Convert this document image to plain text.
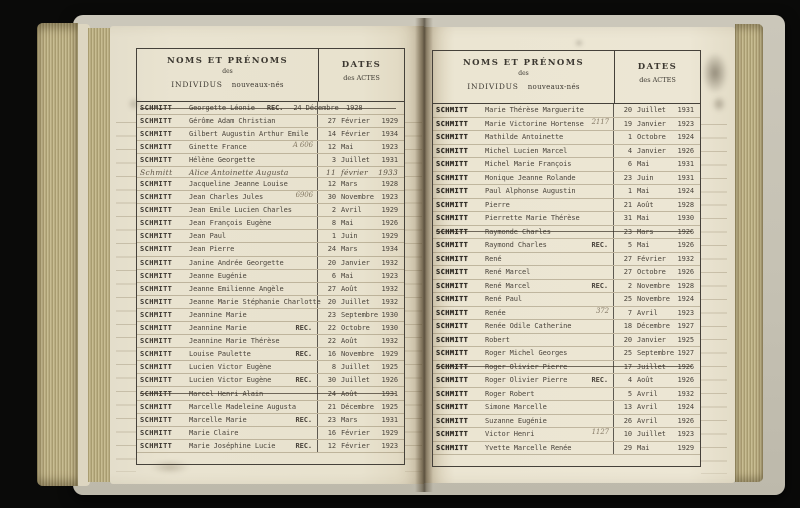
NOMS ET PRÉNOMS
des
INDIVIDUS nouveaux-nés
DATES
des ACTES
SCHMITT	Georgette Léonie REC. 24 Décembre 1928
SCHMITT	Gérôme Adam Christian	27 Février 1929
SCHMITT	Gilbert Augustin Arthur Emile	14 Février 1934
SCHMITT	Ginette France	A 606	12 Mai	1923
SCHMITT	Hélène Georgette	3 Juillet 1931
Schmitt	Alice Antoinette Augusta	11 février 1933
SCHMITT	Jacqueline Jeanne Louise	12 Mars	1928
SCHMITT	Jean Charles Jules	6906	30 Novembre 1923
SCHMITT	Jean Emile Lucien Charles	2 Avril	1929
SCHMITT	Jean François Eugène	8 Mai	1926
SCHMITT	Jean Paul	1 Juin	1929
SCHMITT	Jean Pierre	24 Mars	1934
SCHMITT	Janine Andrée Georgette	20 Janvier 1932
SCHMITT	Jeanne Eugénie	6 Mai	1923
SCHMITT	Jeanne Emilienne Angèle	27 Août	1932
SCHMITT	Jeanne Marie Stéphanie Charlotte	20 Juillet 1932
SCHMITT	Jeannine Marie	23 Septembre 1930
SCHMITT	Jeannine Marie	REC.	22 Octobre 1930
SCHMITT	Jeannine Marie Thérèse	22 Août	1932
SCHMITT	Louise Paulette	REC.	16 Novembre 1929
SCHMITT	Lucien Victor Eugène	8 Juillet 1925
SCHMITT	Lucien Victor Eugène	REC.	30 Juillet 1926
SCHMITT	Marcel Henri Alain	24 Août	1931
SCHMITT	Marcelle Madeleine Augusta	21 Décembre 1925
SCHMITT	Marcelle Marie	REC.	23 Mars	1931
SCHMITT	Marie Claire	16 Février 1929
SCHMITT	Marie Joséphine Lucie	REC.	12 Février 1923
NOMS ET PRÉNOMS
des
INDIVIDUS nouveaux-nés
DATES
des ACTES
SCHMITT	Marie Thérèse Marguerite	20 Juillet 1931
SCHMITT	Marie Victorine Hortense 2117	19 Janvier 1923
SCHMITT	Mathilde Antoinette	1 Octobre 1924
SCHMITT	Michel Lucien Marcel	4 Janvier 1926
SCHMITT	Michel Marie François	6 Mai	1931
SCHMITT	Monique Jeanne Rolande	23 Juin	1931
SCHMITT	Paul Alphonse Augustin	1 Mai	1924
SCHMITT	Pierre	21 Août	1928
SCHMITT	Pierrette Marie Thérèse	31 Mai	1930
SCHMITT	Raymonde Charles	23 Mars	1926
SCHMITT	Raymond Charles	REC.	5 Mai	1926
SCHMITT	René	27 Février 1932
SCHMITT	René Marcel	27 Octobre 1926
SCHMITT	René Marcel	REC.	2 Novembre 1928
SCHMITT	René Paul	25 Novembre 1924
SCHMITT	Renée	372	7 Avril	1923
SCHMITT	Renée Odile Catherine	18 Décembre 1927
SCHMITT	Robert	20 Janvier 1925
SCHMITT	Roger Michel Georges	25 Septembre 1927
SCHMITT	Roger Olivier Pierre	17 Juillet 1926
SCHMITT	Roger Olivier Pierre	REC.	4 Août	1926
SCHMITT	Roger Robert	5 Avril	1932
SCHMITT	Simone Marcelle	13 Avril	1924
SCHMITT	Suzanne Eugénie	26 Avril	1926
SCHMITT	Victor Henri	1127	10 Juillet 1923
SCHMITT	Yvette Marcelle Renée	29 Mai	1929
